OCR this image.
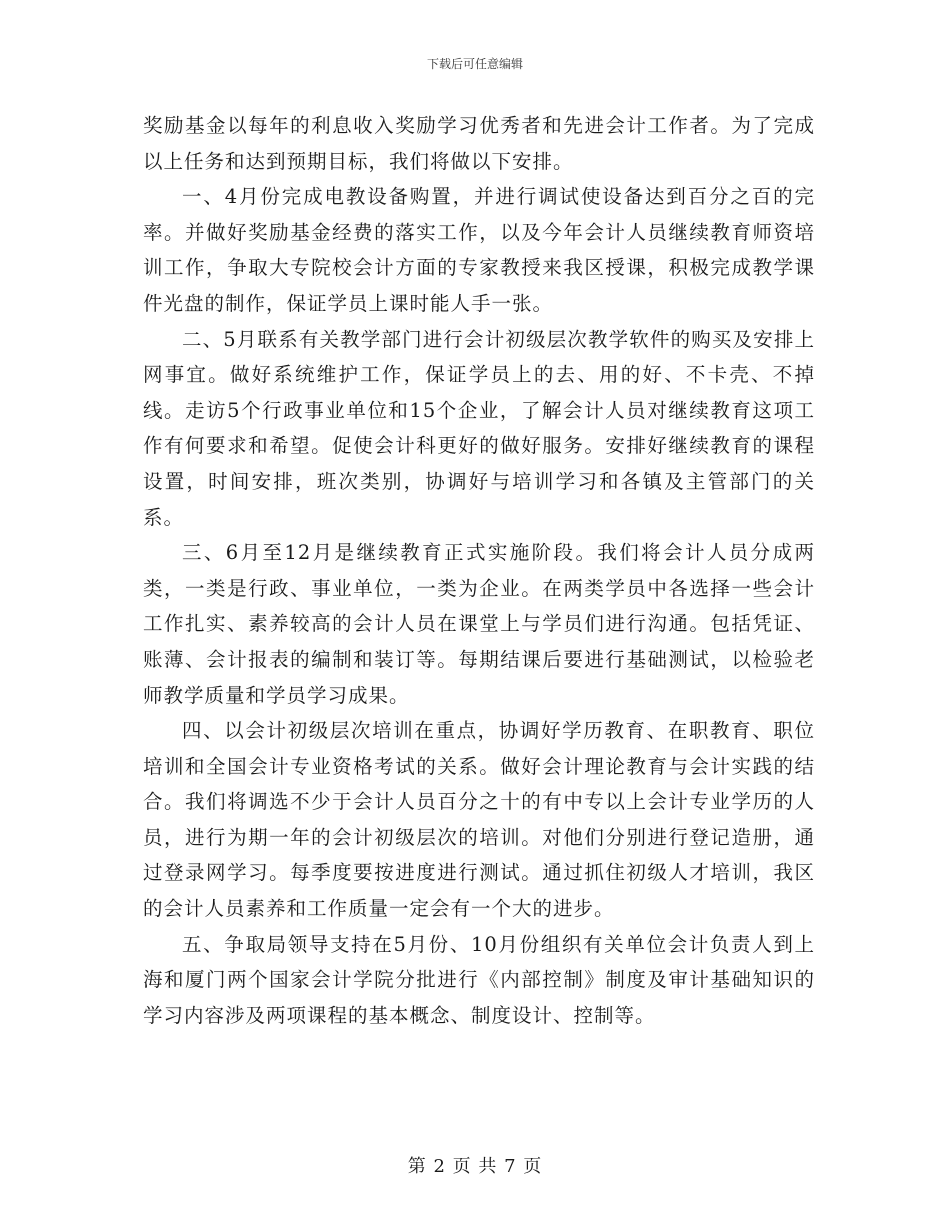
下载后可任意编辑

奖励基金以每年的利息收入奖励学习优秀者和先进会计工作者。为了完成以上任务和达到预期目标，我们将做以下安排。

一、4月份完成电教设备购置，并进行调试使设备达到百分之百的完率。并做好奖励基金经费的落实工作，以及今年会计人员继续教育师资培训工作，争取大专院校会计方面的专家教授来我区授课，积极完成教学课件光盘的制作，保证学员上课时能人手一张。

二、5月联系有关教学部门进行会计初级层次教学软件的购买及安排上网事宜。做好系统维护工作，保证学员上的去、用的好、不卡壳、不掉线。走访5个行政事业单位和15个企业，了解会计人员对继续教育这项工作有何要求和希望。促使会计科更好的做好服务。安排好继续教育的课程设置，时间安排，班次类别，协调好与培训学习和各镇及主管部门的关系。

三、6月至12月是继续教育正式实施阶段。我们将会计人员分成两类，一类是行政、事业单位，一类为企业。在两类学员中各选择一些会计工作扎实、素养较高的会计人员在课堂上与学员们进行沟通。包括凭证、账薄、会计报表的编制和装订等。每期结课后要进行基础测试，以检验老师教学质量和学员学习成果。

四、以会计初级层次培训在重点，协调好学历教育、在职教育、职位培训和全国会计专业资格考试的关系。做好会计理论教育与会计实践的结合。我们将调选不少于会计人员百分之十的有中专以上会计专业学历的人员，进行为期一年的会计初级层次的培训。对他们分别进行登记造册，通过登录网学习。每季度要按进度进行测试。通过抓住初级人才培训，我区的会计人员素养和工作质量一定会有一个大的进步。

五、争取局领导支持在5月份、10月份组织有关单位会计负责人到上海和厦门两个国家会计学院分批进行《内部控制》制度及审计基础知识的学习内容涉及两项课程的基本概念、制度设计、控制等。

第 2 页 共 7 页
